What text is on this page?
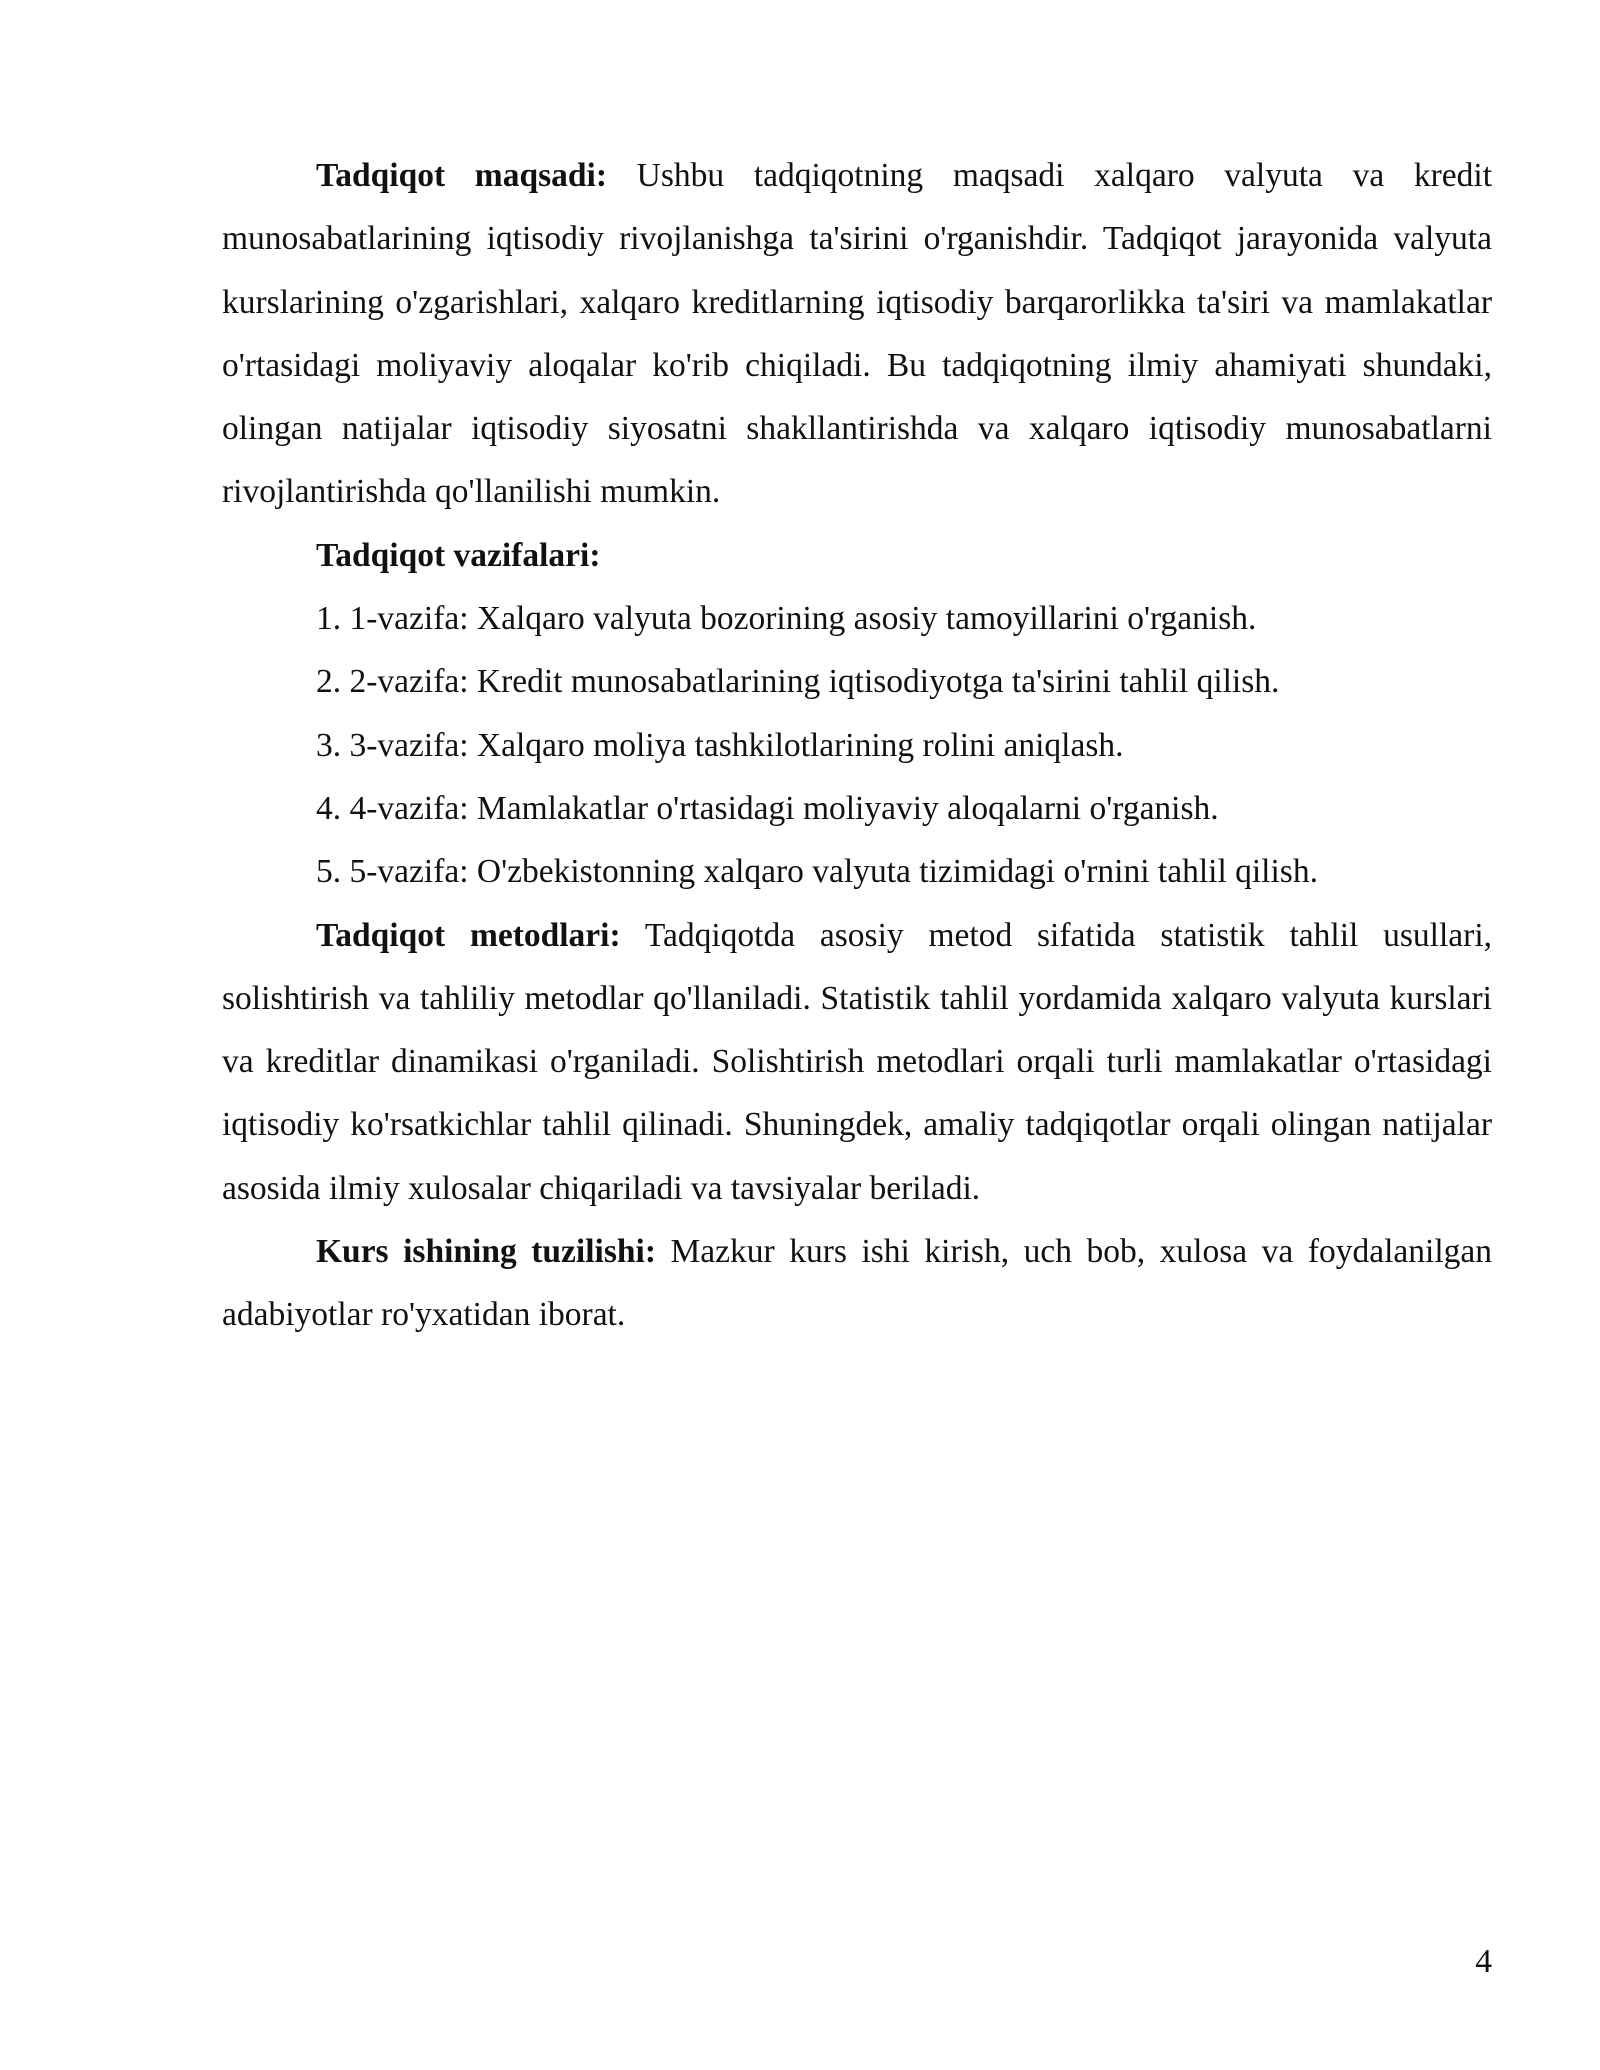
Tadqiqot maqsadi: Ushbu tadqiqotning maqsadi xalqaro valyuta va kredit munosabatlarining iqtisodiy rivojlanishga ta'sirini o'rganishdir. Tadqiqot jarayonida valyuta kurslarining o'zgarishlari, xalqaro kreditlarning iqtisodiy barqarorlikka ta'siri va mamlakatlar o'rtasidagi moliyaviy aloqalar ko'rib chiqiladi. Bu tadqiqotning ilmiy ahamiyati shundaki, olingan natijalar iqtisodiy siyosatni shakllantirishda va xalqaro iqtisodiy munosabatlarni rivojlantirishda qo'llanilishi mumkin.

Tadqiqot vazifalari:

1. 1-vazifa: Xalqaro valyuta bozorining asosiy tamoyillarini o'rganish.
2. 2-vazifa: Kredit munosabatlarining iqtisodiyotga ta'sirini tahlil qilish.
3. 3-vazifa: Xalqaro moliya tashkilotlarining rolini aniqlash.
4. 4-vazifa: Mamlakatlar o'rtasidagi moliyaviy aloqalarni o'rganish.
5. 5-vazifa: O'zbekistonning xalqaro valyuta tizimidagi o'rnini tahlil qilish.

Tadqiqot metodlari: Tadqiqotda asosiy metod sifatida statistik tahlil usullari, solishtirish va tahliliy metodlar qo'llaniladi. Statistik tahlil yordamida xalqaro valyuta kurslari va kreditlar dinamikasi o'rganiladi. Solishtirish metodlari orqali turli mamlakatlar o'rtasidagi iqtisodiy ko'rsatkichlar tahlil qilinadi. Shuningdek, amaliy tadqiqotlar orqali olingan natijalar asosida ilmiy xulosalar chiqariladi va tavsiyalar beriladi.

Kurs ishining tuzilishi: Mazkur kurs ishi kirish, uch bob, xulosa va foydalanilgan adabiyotlar ro'yxatidan iborat.

4
